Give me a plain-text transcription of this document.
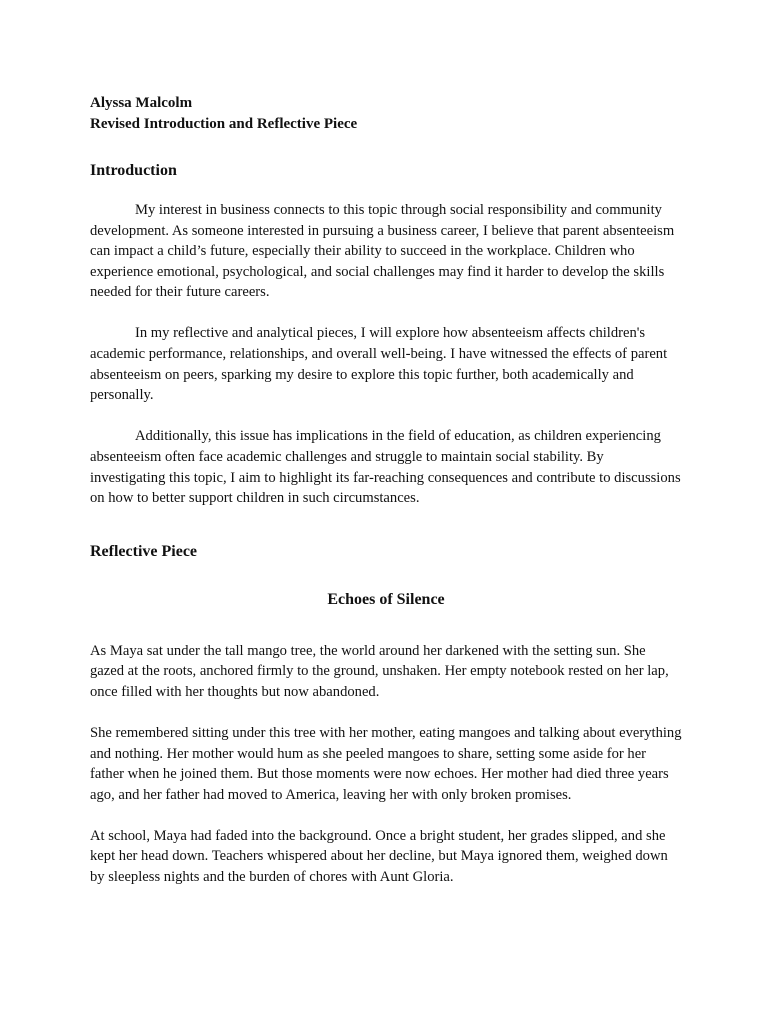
Alyssa Malcolm

Revised Introduction and Reflective Piece

Introduction

My interest in business connects to this topic through social responsibility and community development. As someone interested in pursuing a business career, I believe that parent absenteeism can impact a child’s future, especially their ability to succeed in the workplace. Children who experience emotional, psychological, and social challenges may find it harder to develop the skills needed for their future careers.

In my reflective and analytical pieces, I will explore how absenteeism affects children's academic performance, relationships, and overall well-being. I have witnessed the effects of parent absenteeism on peers, sparking my desire to explore this topic further, both academically and personally.

Additionally, this issue has implications in the field of education, as children experiencing absenteeism often face academic challenges and struggle to maintain social stability. By investigating this topic, I aim to highlight its far-reaching consequences and contribute to discussions on how to better support children in such circumstances.

Reflective Piece

Echoes of Silence

As Maya sat under the tall mango tree, the world around her darkened with the setting sun. She gazed at the roots, anchored firmly to the ground, unshaken. Her empty notebook rested on her lap, once filled with her thoughts but now abandoned.

She remembered sitting under this tree with her mother, eating mangoes and talking about everything and nothing. Her mother would hum as she peeled mangoes to share, setting some aside for her father when he joined them. But those moments were now echoes. Her mother had died three years ago, and her father had moved to America, leaving her with only broken promises.

At school, Maya had faded into the background. Once a bright student, her grades slipped, and she kept her head down. Teachers whispered about her decline, but Maya ignored them, weighed down by sleepless nights and the burden of chores with Aunt Gloria.
